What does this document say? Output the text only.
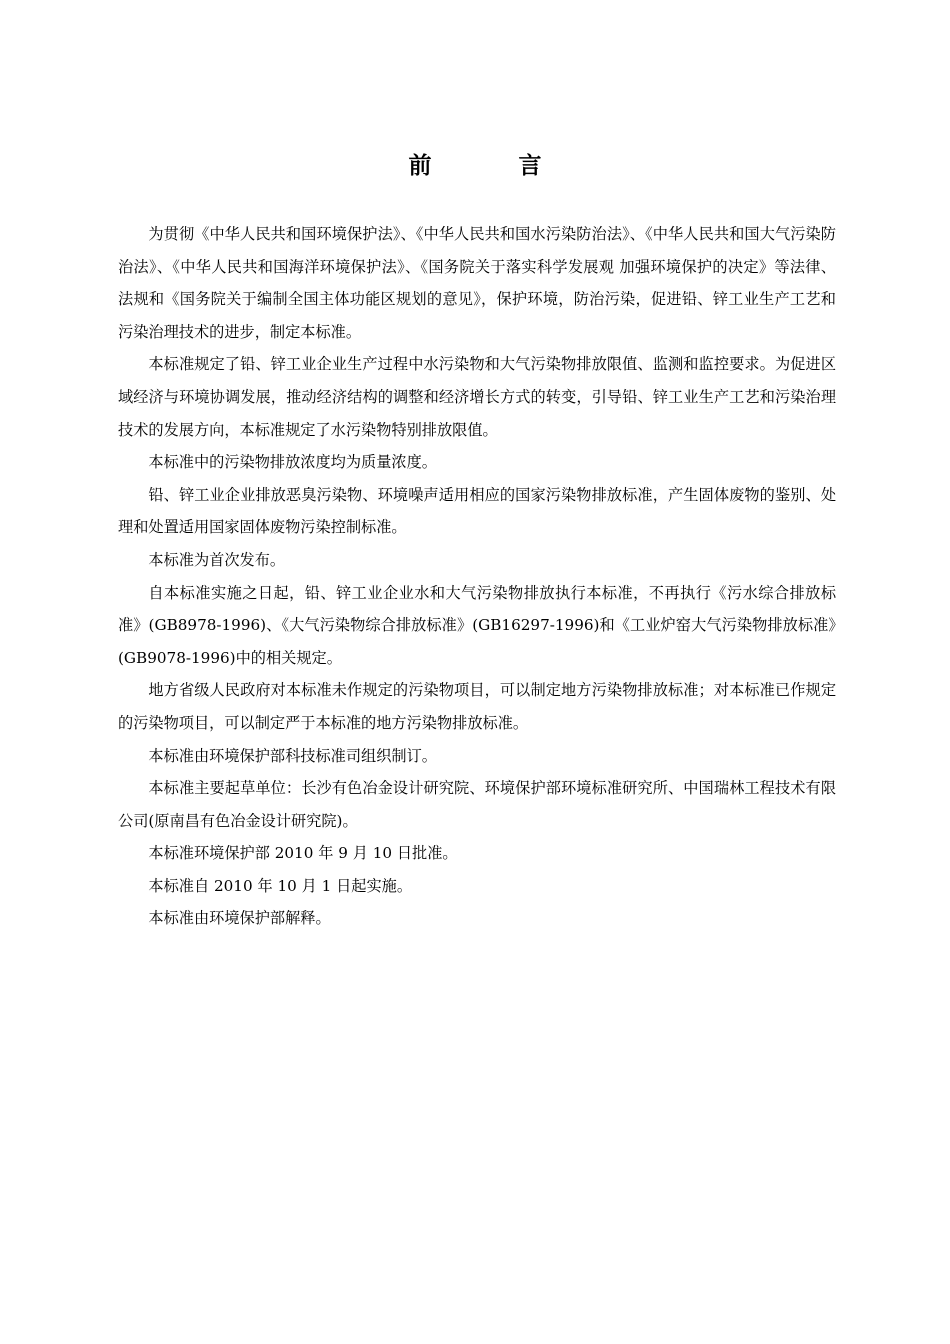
前　言

为贯彻《中华人民共和国环境保护法》、《中华人民共和国水污染防治法》、《中华人民共和国大气污染防治法》、《中华人民共和国海洋环境保护法》、《国务院关于落实科学发展观 加强环境保护的决定》等法律、法规和《国务院关于编制全国主体功能区规划的意见》，保护环境，防治污染，促进铅、锌工业生产工艺和污染治理技术的进步，制定本标准。

本标准规定了铅、锌工业企业生产过程中水污染物和大气污染物排放限值、监测和监控要求。为促进区域经济与环境协调发展，推动经济结构的调整和经济增长方式的转变，引导铅、锌工业生产工艺和污染治理技术的发展方向，本标准规定了水污染物特别排放限值。

本标准中的污染物排放浓度均为质量浓度。

铅、锌工业企业排放恶臭污染物、环境噪声适用相应的国家污染物排放标准，产生固体废物的鉴别、处理和处置适用国家固体废物污染控制标准。

本标准为首次发布。

自本标准实施之日起，铅、锌工业企业水和大气污染物排放执行本标准，不再执行《污水综合排放标准》(GB8978-1996)、《大气污染物综合排放标准》(GB16297-1996)和《工业炉窑大气污染物排放标准》(GB9078-1996)中的相关规定。

地方省级人民政府对本标准未作规定的污染物项目，可以制定地方污染物排放标准；对本标准已作规定的污染物项目，可以制定严于本标准的地方污染物排放标准。

本标准由环境保护部科技标准司组织制订。

本标准主要起草单位：长沙有色冶金设计研究院、环境保护部环境标准研究所、中国瑞林工程技术有限公司(原南昌有色冶金设计研究院)。

本标准环境保护部 2010 年 9 月 10 日批准。

本标准自 2010 年 10 月 1 日起实施。

本标准由环境保护部解释。
